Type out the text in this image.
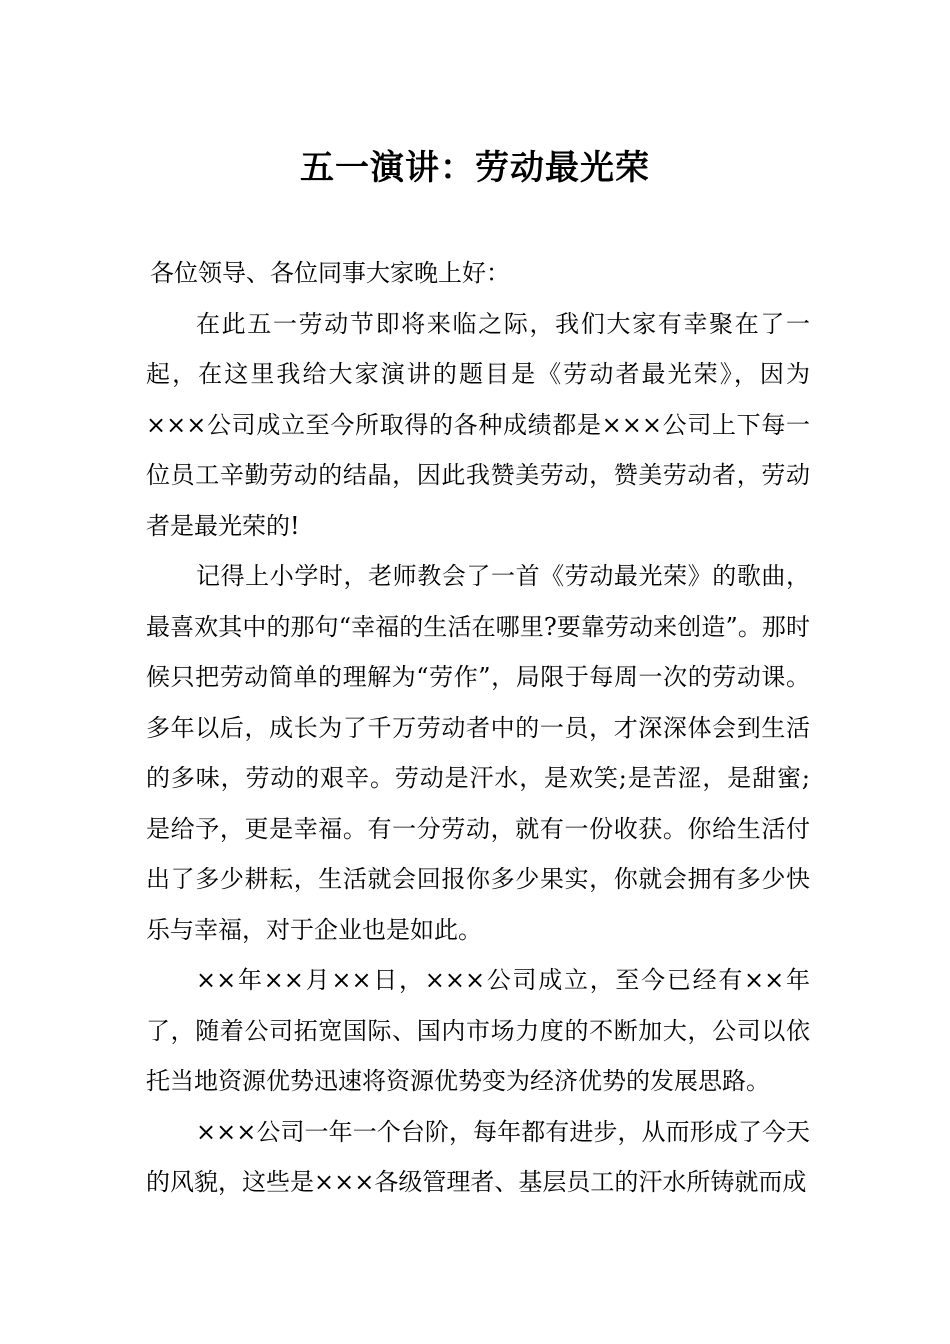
五一演讲：劳动最光荣

各位领导、各位同事大家晚上好：

在此五一劳动节即将来临之际，我们大家有幸聚在了一起，在这里我给大家演讲的题目是《劳动者最光荣》，因为×××公司成立至今所取得的各种成绩都是×××公司上下每一位员工辛勤劳动的结晶，因此我赞美劳动，赞美劳动者，劳动者是最光荣的!

记得上小学时，老师教会了一首《劳动最光荣》的歌曲，最喜欢其中的那句“幸福的生活在哪里?要靠劳动来创造”。那时候只把劳动简单的理解为“劳作”，局限于每周一次的劳动课。多年以后，成长为了千万劳动者中的一员，才深深体会到生活的多味，劳动的艰辛。劳动是汗水，是欢笑;是苦涩，是甜蜜;是给予，更是幸福。有一分劳动，就有一份收获。你给生活付出了多少耕耘，生活就会回报你多少果实，你就会拥有多少快乐与幸福，对于企业也是如此。

××年××月××日，×××公司成立，至今已经有××年了，随着公司拓宽国际、国内市场力度的不断加大，公司以依托当地资源优势迅速将资源优势变为经济优势的发展思路。

×××公司一年一个台阶，每年都有进步，从而形成了今天的风貌，这些是×××各级管理者、基层员工的汗水所铸就而成
